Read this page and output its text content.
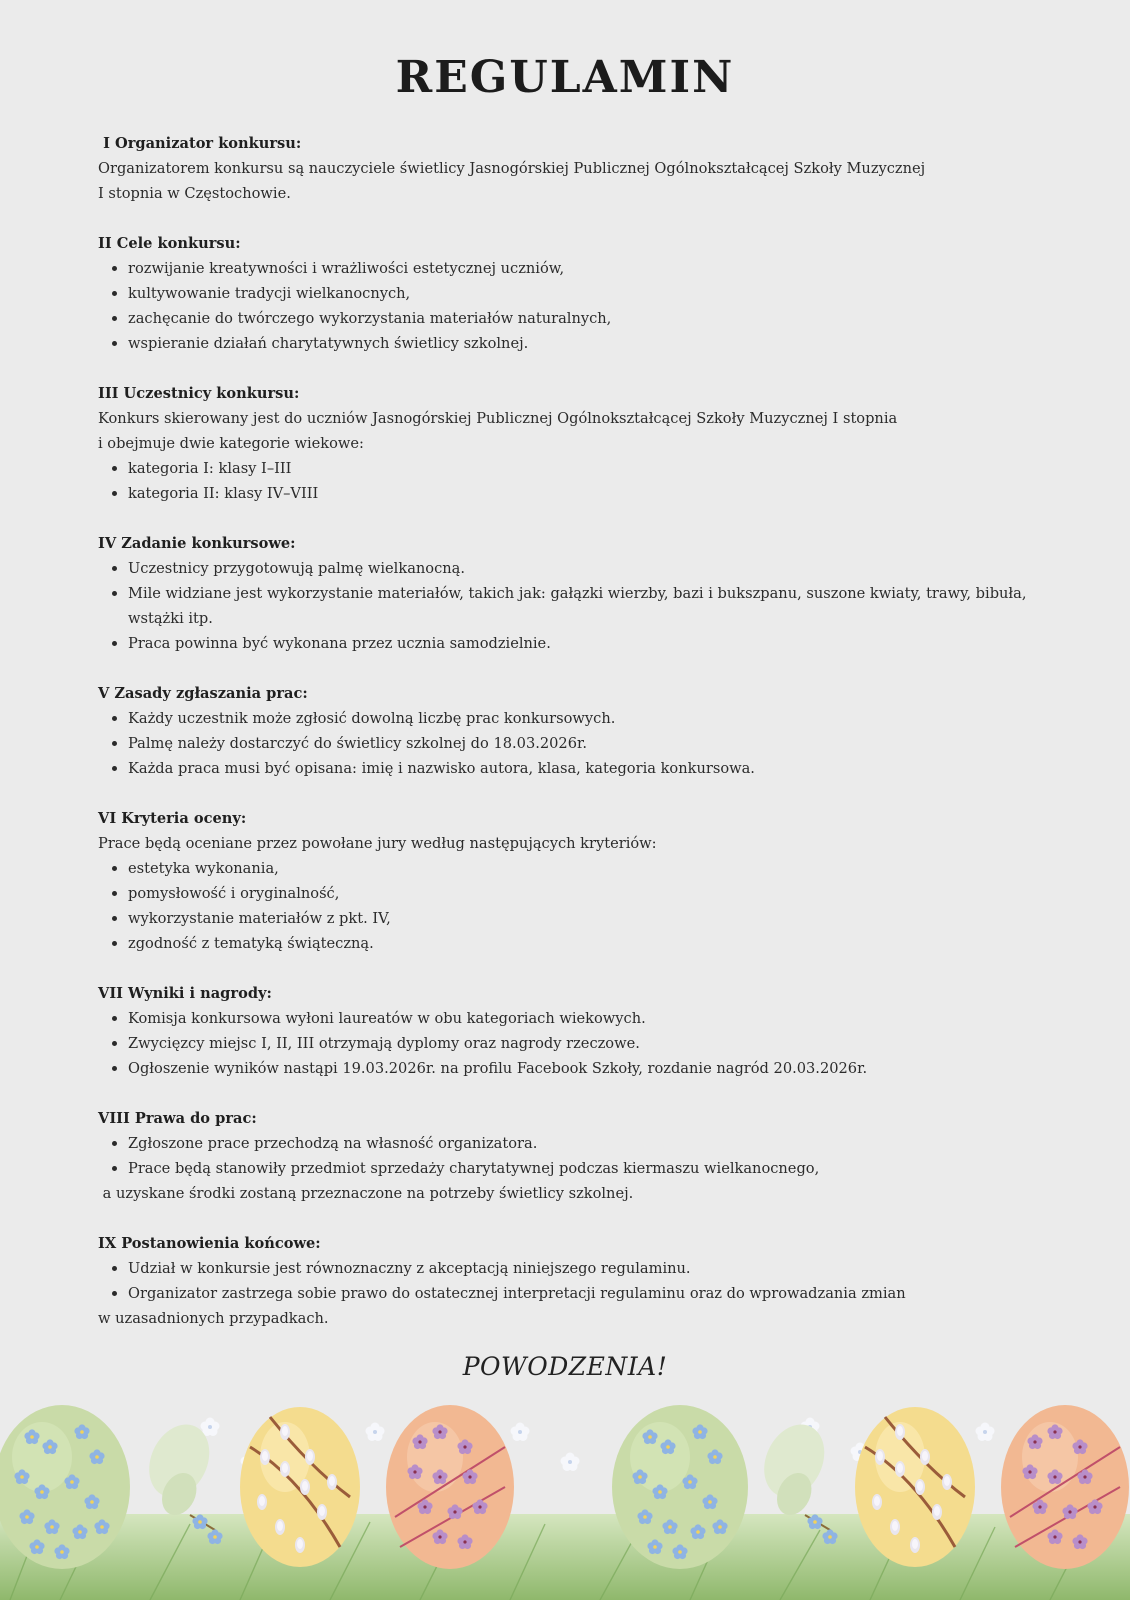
REGULAMIN
I Organizator konkursu:
Organizatorem konkursu są nauczyciele świetlicy Jasnogórskiej Publicznej Ogólnokształcącej Szkoły Muzycznej
I stopnia w Częstochowie.
II Cele konkursu:
rozwijanie kreatywności i wrażliwości estetycznej uczniów,
kultywowanie tradycji wielkanocnych,
zachęcanie do twórczego wykorzystania materiałów naturalnych,
wspieranie działań charytatywnych świetlicy szkolnej.
III Uczestnicy konkursu:
Konkurs skierowany jest do uczniów Jasnogórskiej Publicznej Ogólnokształcącej Szkoły Muzycznej I stopnia
i obejmuje dwie kategorie wiekowe:
kategoria I: klasy I–III
kategoria II: klasy IV–VIII
IV Zadanie konkursowe:
Uczestnicy przygotowują palmę wielkanocną.
Mile widziane jest wykorzystanie materiałów, takich jak: gałązki wierzby, bazi i bukszpanu, suszone kwiaty, trawy, bibuła, wstążki itp.
Praca powinna być wykonana przez ucznia samodzielnie.
V Zasady zgłaszania prac:
Każdy uczestnik może zgłosić dowolną liczbę prac konkursowych.
Palmę należy dostarczyć do świetlicy szkolnej do 18.03.2026r.
Każda praca musi być opisana: imię i nazwisko autora, klasa, kategoria konkursowa.
VI Kryteria oceny:
Prace będą oceniane przez powołane jury według następujących kryteriów:
estetyka wykonania,
pomysłowość i oryginalność,
wykorzystanie materiałów z pkt. IV,
zgodność z tematyką świąteczną.
VII Wyniki i nagrody:
Komisja konkursowa wyłoni laureatów w obu kategoriach wiekowych.
Zwycięzcy miejsc I, II, III otrzymają dyplomy oraz nagrody rzeczowe.
Ogłoszenie wyników nastąpi 19.03.2026r. na profilu Facebook Szkoły, rozdanie nagród 20.03.2026r.
VIII Prawa do prac:
Zgłoszone prace przechodzą na własność organizatora.
Prace będą stanowiły przedmiot sprzedaży charytatywnej podczas kiermaszu wielkanocnego,
a uzyskane środki zostaną przeznaczone na potrzeby świetlicy szkolnej.
IX Postanowienia końcowe:
Udział w konkursie jest równoznaczny z akceptacją niniejszego regulaminu.
Organizator zastrzega sobie prawo do ostatecznej interpretacji regulaminu oraz do wprowadzania zmian
w uzasadnionych przypadkach.
POWODZENIA!
